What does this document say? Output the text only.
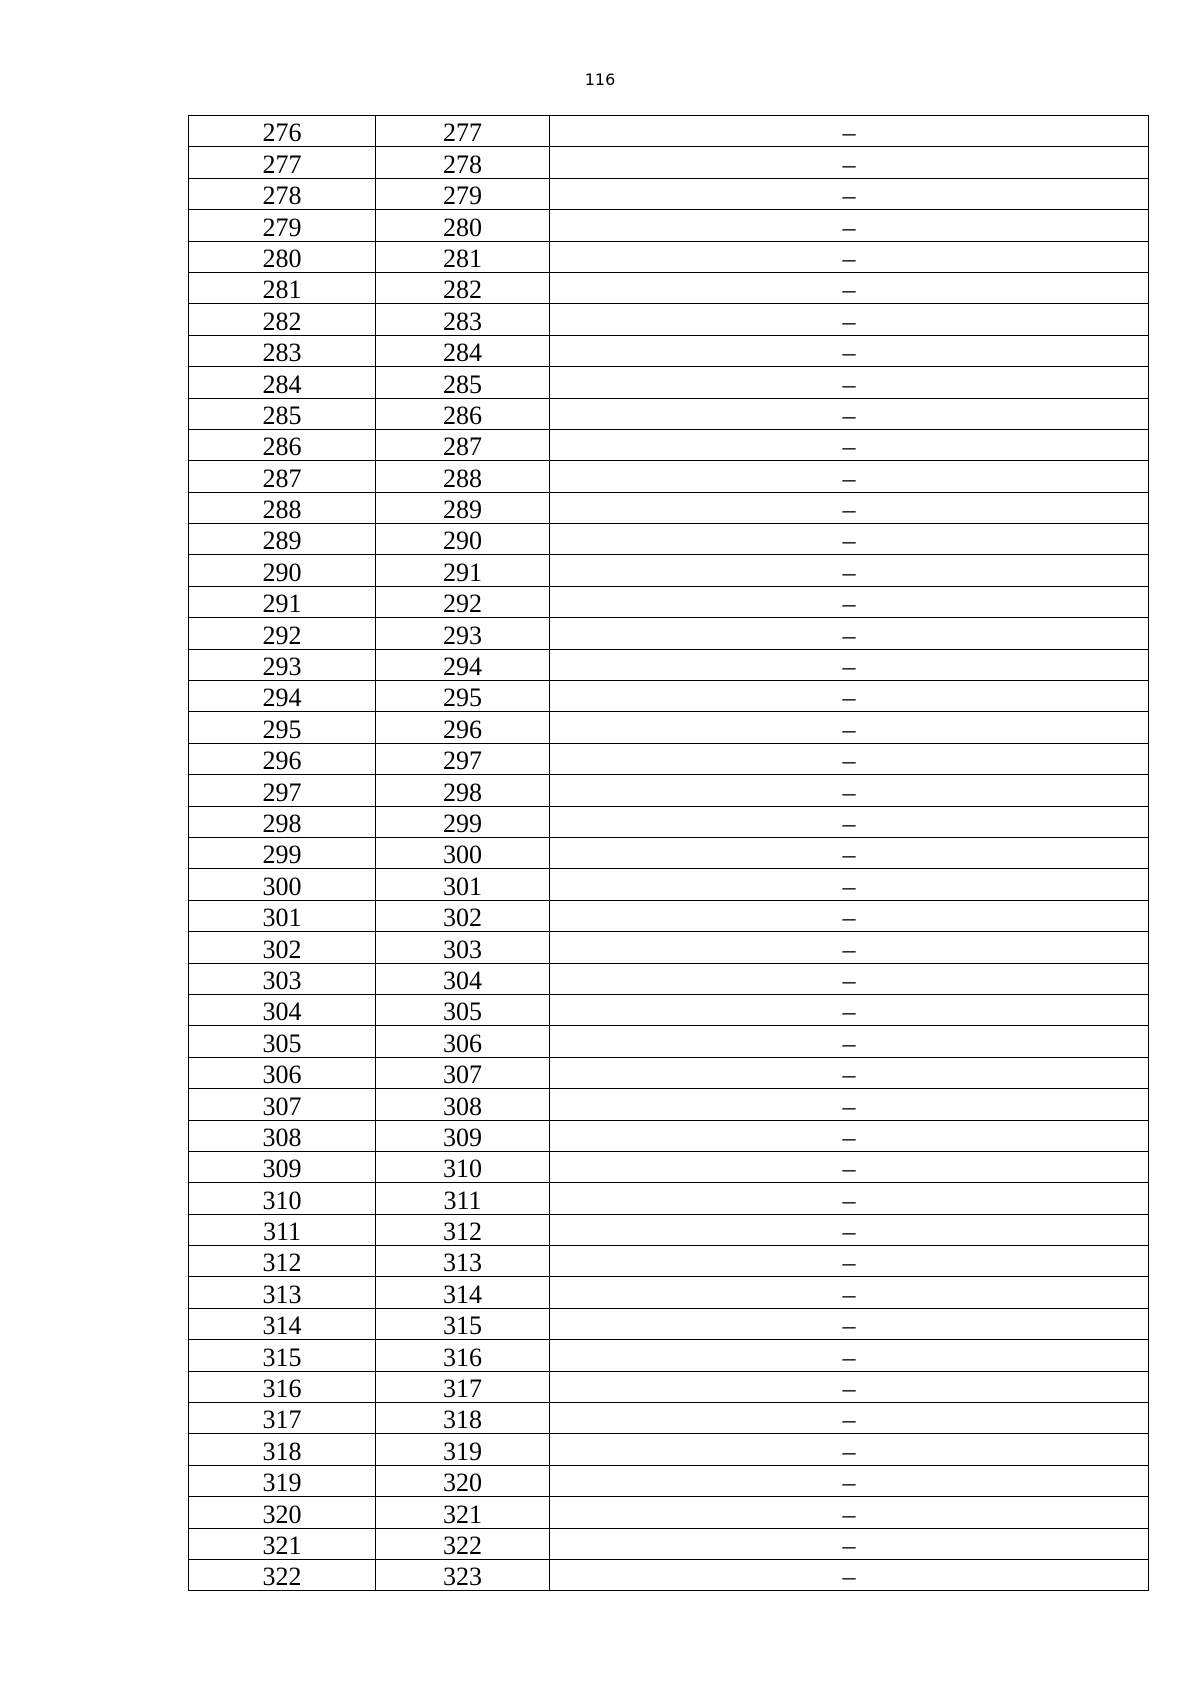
116
276	277	–
277	278	–
278	279	–
279	280	–
280	281	–
281	282	–
282	283	–
283	284	–
284	285	–
285	286	–
286	287	–
287	288	–
288	289	–
289	290	–
290	291	–
291	292	–
292	293	–
293	294	–
294	295	–
295	296	–
296	297	–
297	298	–
298	299	–
299	300	–
300	301	–
301	302	–
302	303	–
303	304	–
304	305	–
305	306	–
306	307	–
307	308	–
308	309	–
309	310	–
310	311	–
311	312	–
312	313	–
313	314	–
314	315	–
315	316	–
316	317	–
317	318	–
318	319	–
319	320	–
320	321	–
321	322	–
322	323	–
